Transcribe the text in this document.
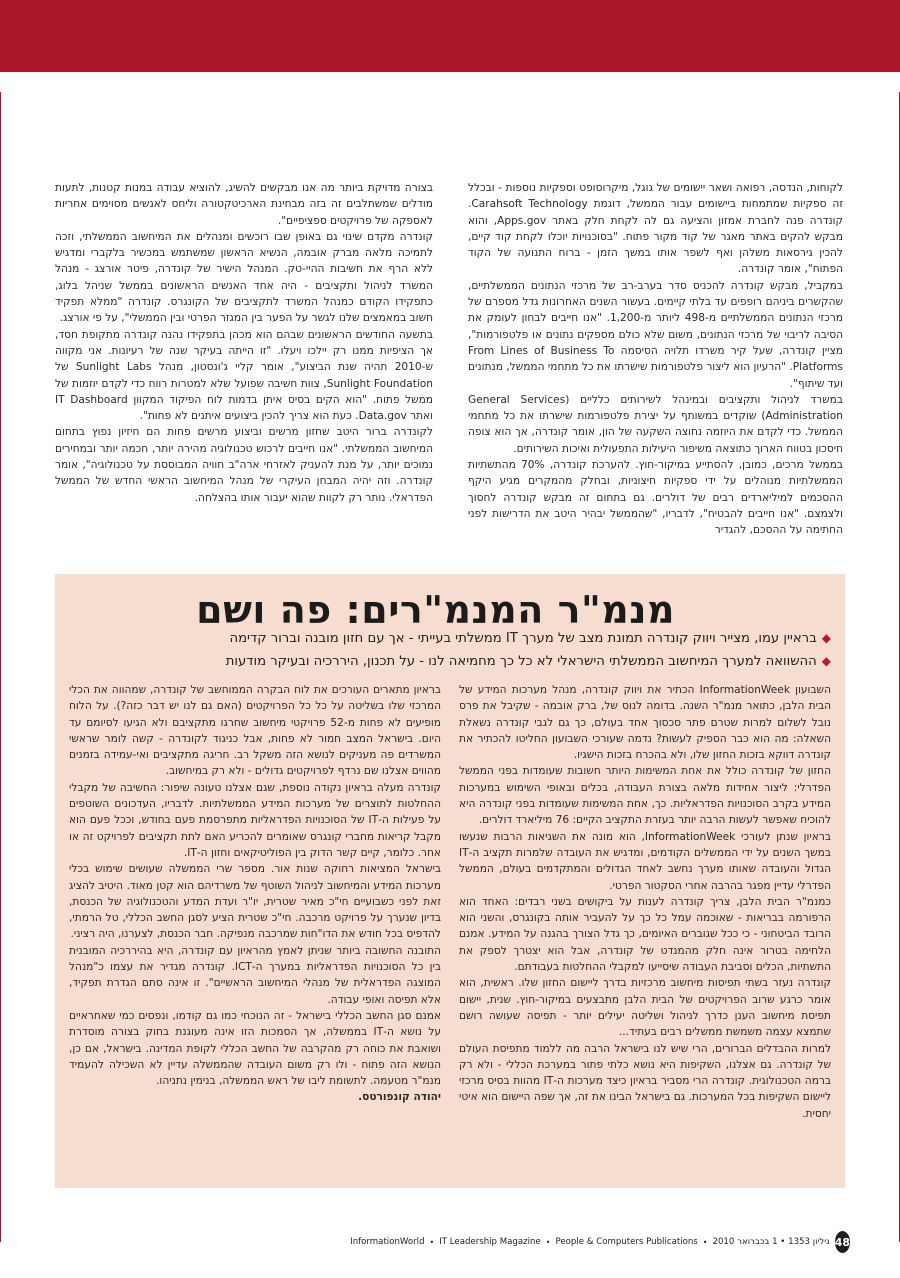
לקוחות, הנדסה, רפואה ושאר יישומים של גוגל, מיקרוסופט וספקיות נוספות - ובכלל זה ספקיות שמתמחות ביישומים עבור הממשל, דוגמת Carahsoft Technology. קונדרה פנה לחברת אמזון והציעה גם לה לקחת חלק באתר Apps.gov, והוא מבקש להקים באתר מאגר של קוד מקור פתוח. "בסוכנויות יוכלו לקחת קוד קיים, להכין גירסאות משלהן ואף לשפר אותו במשך הזמן - ברוח התנועה של הקוד הפתוח", אומר קונדרה.

במקביל, מבקש קונדרה להכניס סדר בערב-רב של מרכזי הנתונים הממשלתיים, שהקשרים ביניהם רופפים עד בלתי קיימים. בעשור השנים האחרונות גדל מספרם של מרכזי הנתונים הממשלתיים מ-498 ליותר מ-1,200. "אנו חייבים לבחון לעומק את הסיבה לריבוי של מרכזי הנתונים, משום שלא כולם מספקים נתונים או פלטפורמות", מציין קונדרה, שעל קיר משרדו תלויה הסיסמה From Lines of Business To Platforms. "הרעיון הוא ליצור פלטפורמות שישרתו את כל מתחמי הממשל, מנתונים ועד שיתוף".

במשרד לניהול ותקציבים ובמינהל לשירותים כלליים (General Services Administration) שוקדים במשותף על יצירת פלטפורמות שישרתו את כל מתחמי הממשל. כדי לקדם את היוזמה נחוצה השקעה של הון, אומר קונדרה, אך הוא צופה חיסכון בטווח הארוך כתוצאה משיפור היעילות התפעולית ואיכות השירותים.

בממשל מרכים, כמובן, להסתייע במיקור-חוץ. להערכת קונדרה, 70% מהתשתיות הממשלתיות מנוהלים על ידי ספקיות חיצוניות, ובחלק מהמקרים מגיע היקף ההסכמים למיליארדים רבים של דולרים. גם בתחום זה מבקש קונדרה לחסוך ולצמצם. "אנו חייבים להבטיח", לדבריו, "שהממשל יבהיר היטב את הדרישות לפני החתימה על ההסכם, להגדיר

בצורה מדויקת ביותר מה אנו מבקשים להשיג, להוציא עבודה במנות קטנות, לתעות מודלים שמשתלבים זה בזה מבחינת הארכיטקטורה וליחס לאנשים מסוימים אחריות לאספקה של פרויקטים ספציפיים".

קונדרה מקדם שינוי גם באופן שבו רוכשים ומנהלים את המיחשוב הממשלתי, וזכה לתמיכה מלאה מברק אובמה, הנשיא הראשון שמשתמש במכשיר בלקברי ומדגיש ללא הרף את חשיבות ההיי-טק. המנהל הישיר של קונדרה, פיטר אורצג - מנהל המשרד לניהול ותקציבים - היה אחד האנשים הראשונים בממשל שניהל בלוג, כתפקידו הקודם כמנהל המשרד לתקציבים של הקונגרס. קונדרה "ממלא תפקיד חשוב במאמצים שלנו לגשר על הפער בין המגזר הפרטי ובין הממשלי", על פי אורצג.

בתשעה החודשים הראשונים שבהם הוא מכהן בתפקידו נהנה קונדרה מתקופת חסד, אך הציפיות ממנו רק יילכו ויעלו. "זו הייתה בעיקר שנה של רעיונות. אני מקווה ש-2010 תהיה שנת הביצוע", אומר קליי ג'ונסטון, מנהל Sunlight Labs של Sunlight Foundation, צוות חשיבה שפועל שלא למטרות רווח כדי לקדם יוזמות של ממשל פתוח. "הוא הקים בסיס איתן בדמות לוח הפיקוד המקוון IT Dashboard ואתר Data.gov. כעת הוא צריך להכין ביצועים איתנים לא פחות".

לקונדרה ברור היטב שחזון מרשים וביצוע מרשים פחות הם חיזיון נפוץ בתחום המיחשוב הממשלתי. "אנו חייבים לרכוש טכנולוגיה מהירה יותר, חכמה יותר ובמחירים נמוכים יותר, על מנת להעניק לאזרחי ארה"ב חוויה המבוססת על טכנולוגיה", אומר קונדרה. וזה יהיה המבחן העיקרי של מנהל המיחשוב הראשי החדש של הממשל הפדראלי. נותר רק לקוות שהוא יעבור אותו בהצלחה.

מנמ"ר המנמ"רים: פה ושם
◆בראיין עמו, מצייר ויווק קונדרה תמונת מצב של מערך IT ממשלתי בעייתי - אך עם חזון מובנה וברור קדימה
◆ההשוואה למערך המיחשוב הממשלתי הישראלי לא כל כך מחמיאה לנו - על תכנון, היררכיה ובעיקר מודעות

השבועון InformationWeek הכתיר את ויווק קונדרה, מנהל מערכות המידע של הבית הלבן, כתואר מנמ"ר השנה. בדומה לנוס של, ברק אובמה - שקיבל את פרס נובל לשלום למרות שטרם פתר סכסוך אחד בעולם, כך גם לגבי קונדרה נשאלת השאלה: מה הוא כבר הספיק לעשות? נדמה שעורכי השבועון החליטו להכתיר את קונדרה דווקא בזכות החזון שלו, ולא בהכרח בזכות הישגיו.

החזון של קונדרה כולל את אחת המשימות היותר חשובות שעומדות בפני הממשל הפדרלי: ליצור אחידות מלאה בצורת העבודה, בכלים ובאופי השימוש במערכות המידע בקרב הסוכנויות הפדראליות. כך, אחת המשימות שעומדות בפני קונדרה היא להוכיח שאפשר לעשות הרבה יותר בעזרת התקציב הקיים: 76 מיליארד דולרים.

בראיון שנתן לעורכי InformationWeek, הוא מונה את השגיאות הרבות שנעשו במשך השנים על ידי הממשלים הקודמים, ומדגיש את העובדה שלמרות תקציב ה-IT הגדול והעובדה שאותו מערך נחשב לאחד הגדולים והמתקדמים בעולם, הממשל הפדרלי עדיין מפגר בהרבה אחרי הסקטור הפרטי.

כמנמ"ר הבית הלבן, צריך קונדרה לענות על ביקושים בשני רבדים: האחד הוא הרפורמה בבריאות - שאוכמה עמל כל כך על להעביר אותה בקונגרס, והשני הוא הרובד הביטחוני - כי ככל שגוברים האיומים, כך גדל הצורך בהגנה על המידע. אמנם הלחימה בטרור אינה חלק מהמנדט של קונדרה, אבל הוא יצטרך לספק את התשתיות, הכלים וסביבת העבודה שיסייעו למקבלי ההחלטות בעבודתם.

קונדרה נעזר בשתי תפיסות מיחשוב מרכזיות בדרך ליישום החזון שלו. ראשית, הוא אומר כרגע שרוב הפרויקטים של הבית הלבן מתבצעים במיקור-חוץ. שנית, יישום תפיסת מיחשוב הענן כדרך לניהול ושליטה יעילים יותר - תפיסה שעושה רושם שתמצא עצמה משמשת ממשלים רבים בעתיד...

למרות ההבדלים הברורים, הרי שיש לנו בישראל הרבה מה ללמוד מתפיסת העולם של קונדרה. גם אצלנו, השקיפות היא נושא כלתי פתור במערכת הכללי - ולא רק ברמה הטכנולוגית. קונדרה הרי מסביר בראיון כיצד מערכות ה-IT מהוות בסיס מרכזי ליישום השקיפות בכל המערכות. גם בישראל הבינו את זה, אך שפה היישום הוא איטי יחסית.

בראיון מתארים העורכים את לוח הבקרה הממוחשב של קונדרה, שמהווה את הכלי המרכזי שלו בשליטה על כל כל הפרויקטים (האם גם לנו יש דבר כזה?). על הלוח מופיעים לא פחות מ-52 פרויקטי מיחשוב שחרגו מתקציבם ולא הגיעו לסיומם עד היום. בישראל המצב חמור לא פחות, אבל כניגוד לקונדרה - קשה לומר שראשי המשרדים פה מעניקים לנושא הזה משקל רב. חריגה מתקציבים ואי-עמידה בזמנים מהווים אצלנו שם נרדף לפרויקטים גדולים - ולא רק במיחשוב.

קונדרה מעלה בראיון נקודה נוספת, שגם אצלנו טעונה שיפור: החשיבה של מקבלי ההחלטות לתוצרים של מערכות המידע הממשלתיות. לדבריו, העדכונים השוטפים על פעילות ה-IT של הסוכנויות הפדראליות מתפרסמת פעם בחודש, וככל פעם הוא מקבל קריאות מחברי קונגרס שאומרים להכריע האם לתת תקציבים לפרויקט זה או אחר. כלומר, קיים קשר הדוק בין הפוליטיקאים וחזון ה-IT.

בישראל המציאות רחוקה שנות אור. מספר שרי הממשלה שעושים שימוש בכלי מערכות המידע והמיחשוב לניהול השוטף של משרדיהם הוא קטן מאוד. היטיב להציג זאת לפני כשבועיים חי"כ מאיר שטרית, יו"ר ועדת המדע והטכנולוגיה של הכנסת, בדיון שנערך על פרויקט מרכבה. חי"כ שטרית הציע לסגן החשב הכללי, טל הרמתי, להדפיס בכל חודש את הדו"חות שמרכבה מנפיקה. חבר הכנסת, לצערנו, היה רציני.

התובנה החשובה ביותר שניתן לאמץ מהראיון עם קונדרה, היא בהיררכיה המובנית בין כל הסוכנויות הפדראליות במערך ה-ICT. קונדרה מגדיר את עצמו כ"מנהל המוצגה הפדראלית של מנהלי המיחשוב הראשיים". זו אינה סתם הגדרת תפקיד, אלא תפיסה ואופי עבודה.

אמנם סגן החשב הכללי בישראל - זה הנוכחי כמו גם קודמו, ונפסים כמי שאחראיים על נושא ה-IT בממשלה, אך הסמכות הזו אינה מעוגנת בחוק בצורה מוסדרת ושואבת את כוחה רק מהקרבה של החשב הכללי לקופת המדינה. בישראל, אם כן, הנושא הזה פתוח - ולו רק משום העובדה שהממשלה עדיין לא השכילה להעמיד מנמ"ר מטעמה. לתשומת ליבו של ראש הממשלה, בנימין נתניהו.

יהודה קונפורטס.

InformationWorld • IT Leadership Magazine • People & Computers Publications • גיליון 1353 • 1 בכברואר 2010 48
